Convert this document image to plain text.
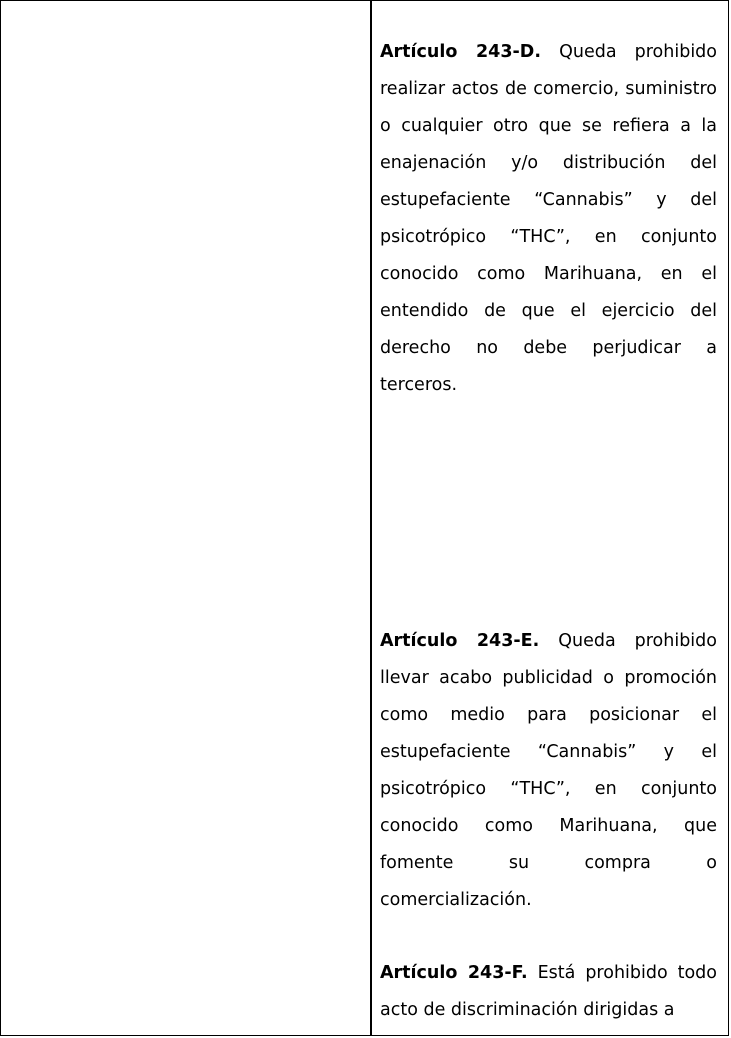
Artículo 243-D. Queda prohibido realizar actos de comercio, suministro o cualquier otro que se refiera a la enajenación y/o distribución del estupefaciente “Cannabis” y del psicotrópico “THC”, en conjunto conocido como Marihuana, en el entendido de que el ejercicio del derecho no debe perjudicar a terceros.

Artículo 243-E. Queda prohibido llevar acabo publicidad o promoción como medio para posicionar el estupefaciente “Cannabis” y el psicotrópico “THC”, en conjunto conocido como Marihuana, que fomente su compra o comercialización.

Artículo 243-F. Está prohibido todo acto de discriminación dirigidas a
